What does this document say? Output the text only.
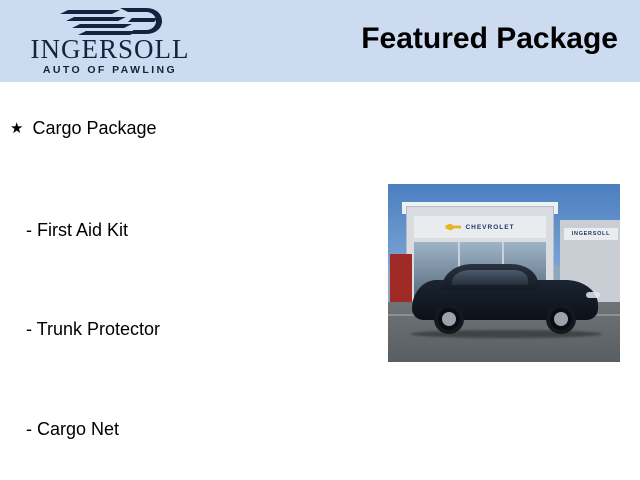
INGERSOLL
AUTO OF PAWLING
Featured Package
★ Cargo Package
- First Aid Kit
- Trunk Protector
- Cargo Net
CHEVROLET
INGERSOLL
